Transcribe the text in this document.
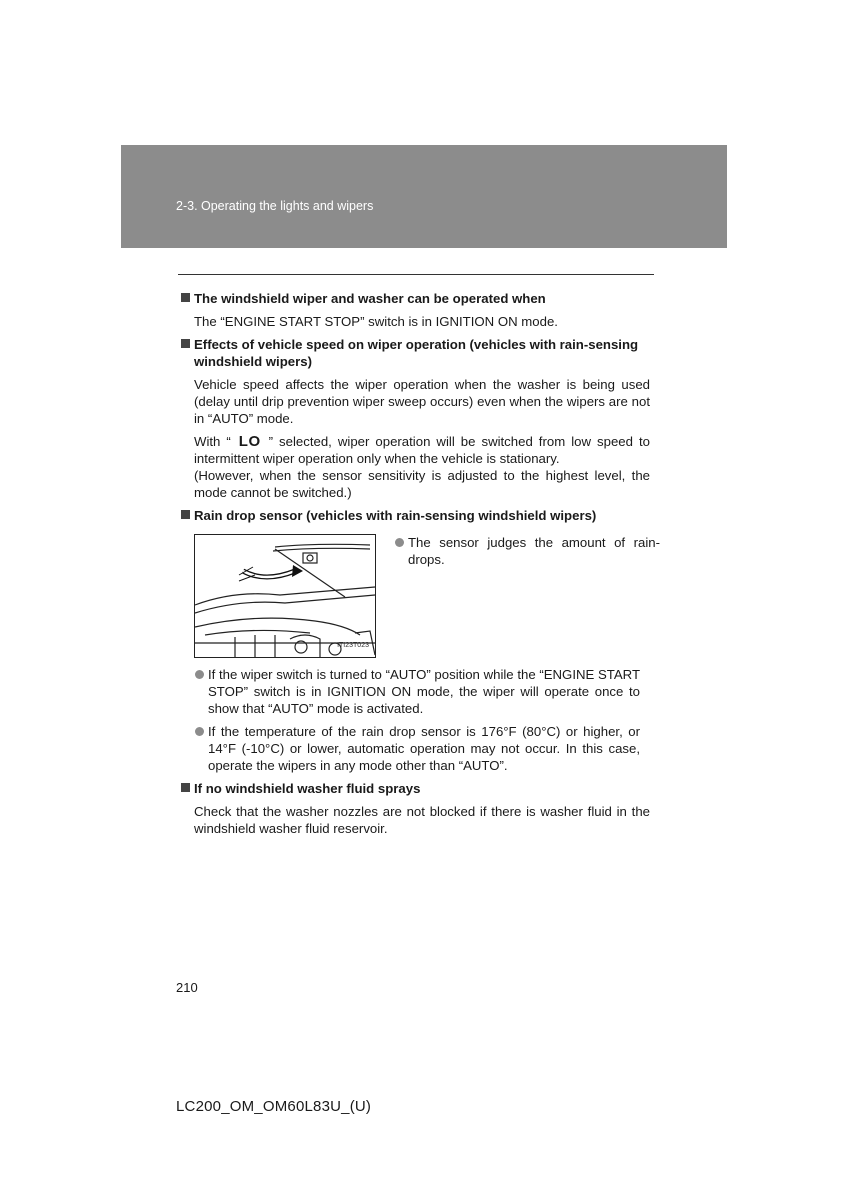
2-3. Operating the lights and wipers
The windshield wiper and washer can be operated when

The “ENGINE START STOP” switch is in IGNITION ON mode.

Effects of vehicle speed on wiper operation (vehicles with rain-sensing windshield wipers)

Vehicle speed affects the wiper operation when the washer is being used (delay until drip prevention wiper sweep occurs) even when the wipers are not in “AUTO” mode.

With “ LO ” selected, wiper operation will be switched from low speed to intermittent wiper operation only when the vehicle is stationary.
(However, when the sensor sensitivity is adjusted to the highest level, the mode cannot be switched.)

Rain drop sensor (vehicles with rain-sensing windshield wipers)
ITI23T023
The sensor judges the amount of rain-drops.
If the wiper switch is turned to “AUTO” position while the “ENGINE START STOP” switch is in IGNITION ON mode, the wiper will operate once to show that “AUTO” mode is activated.
If the temperature of the rain drop sensor is 176°F (80°C) or higher, or 14°F (-10°C) or lower, automatic operation may not occur. In this case, operate the wipers in any mode other than “AUTO”.
If no windshield washer fluid sprays

Check that the washer nozzles are not blocked if there is washer fluid in the windshield washer fluid reservoir.

210
LC200_OM_OM60L83U_(U)
